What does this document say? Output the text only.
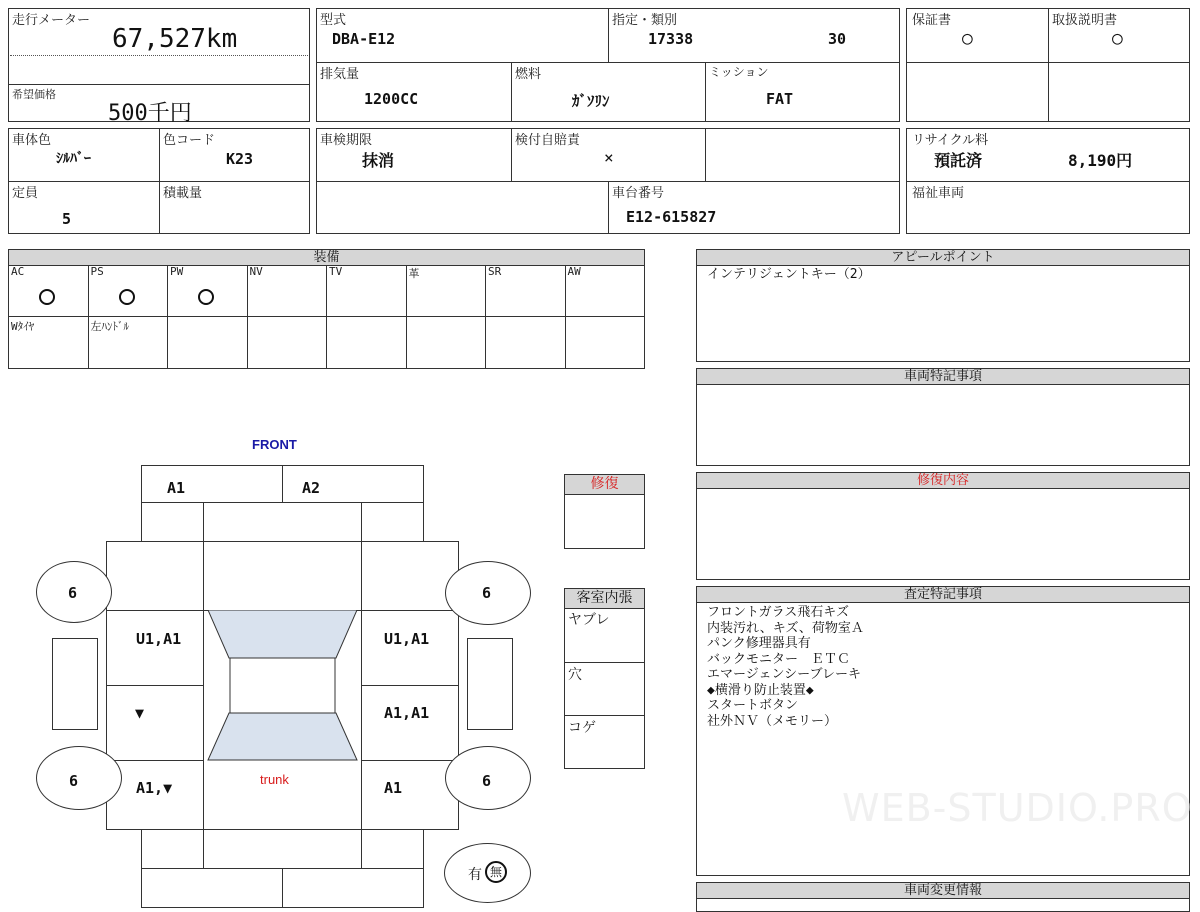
走行メーター
67,527km
希望価格
500千円
型式
DBA-E12
指定・類別
17338	30
排気量
1200CC
燃料
ｶﾞｿﾘﾝ
ミッション
FAT
保証書
○
取扱説明書
○
車体色
ｼﾙﾊﾞｰ
色コード
K23
定員
5
積載量
車検期限
抹消
検付自賠責
×
車台番号
E12-615827
リサイクル料
預託済	8,190円
福祉車両
装備
AC	PS	PW	NV	TV	革	SR	AW
Wﾀｲﾔ	左ﾊﾝﾄﾞﾙ
アピールポイント
インテリジェントキー（2）
車両特記事項
修復内容
査定特記事項
フロントガラス飛石キズ
内装汚れ、キズ、荷物室Ａ
パンク修理器具有
バックモニター　ＥＴＣ
エマージェンシーブレーキ
◆横滑り防止装置◆
スタートボタン
社外ＮＶ（メモリー）
車両変更情報
WEB-STUDIO.PRO
修復
客室内張
ヤブレ
穴
コゲ
FRONT
A1	A2
trunk
6	6
6	6
U1,A1	U1,A1
▼	A1,A1
A1,▼	A1
有 無
